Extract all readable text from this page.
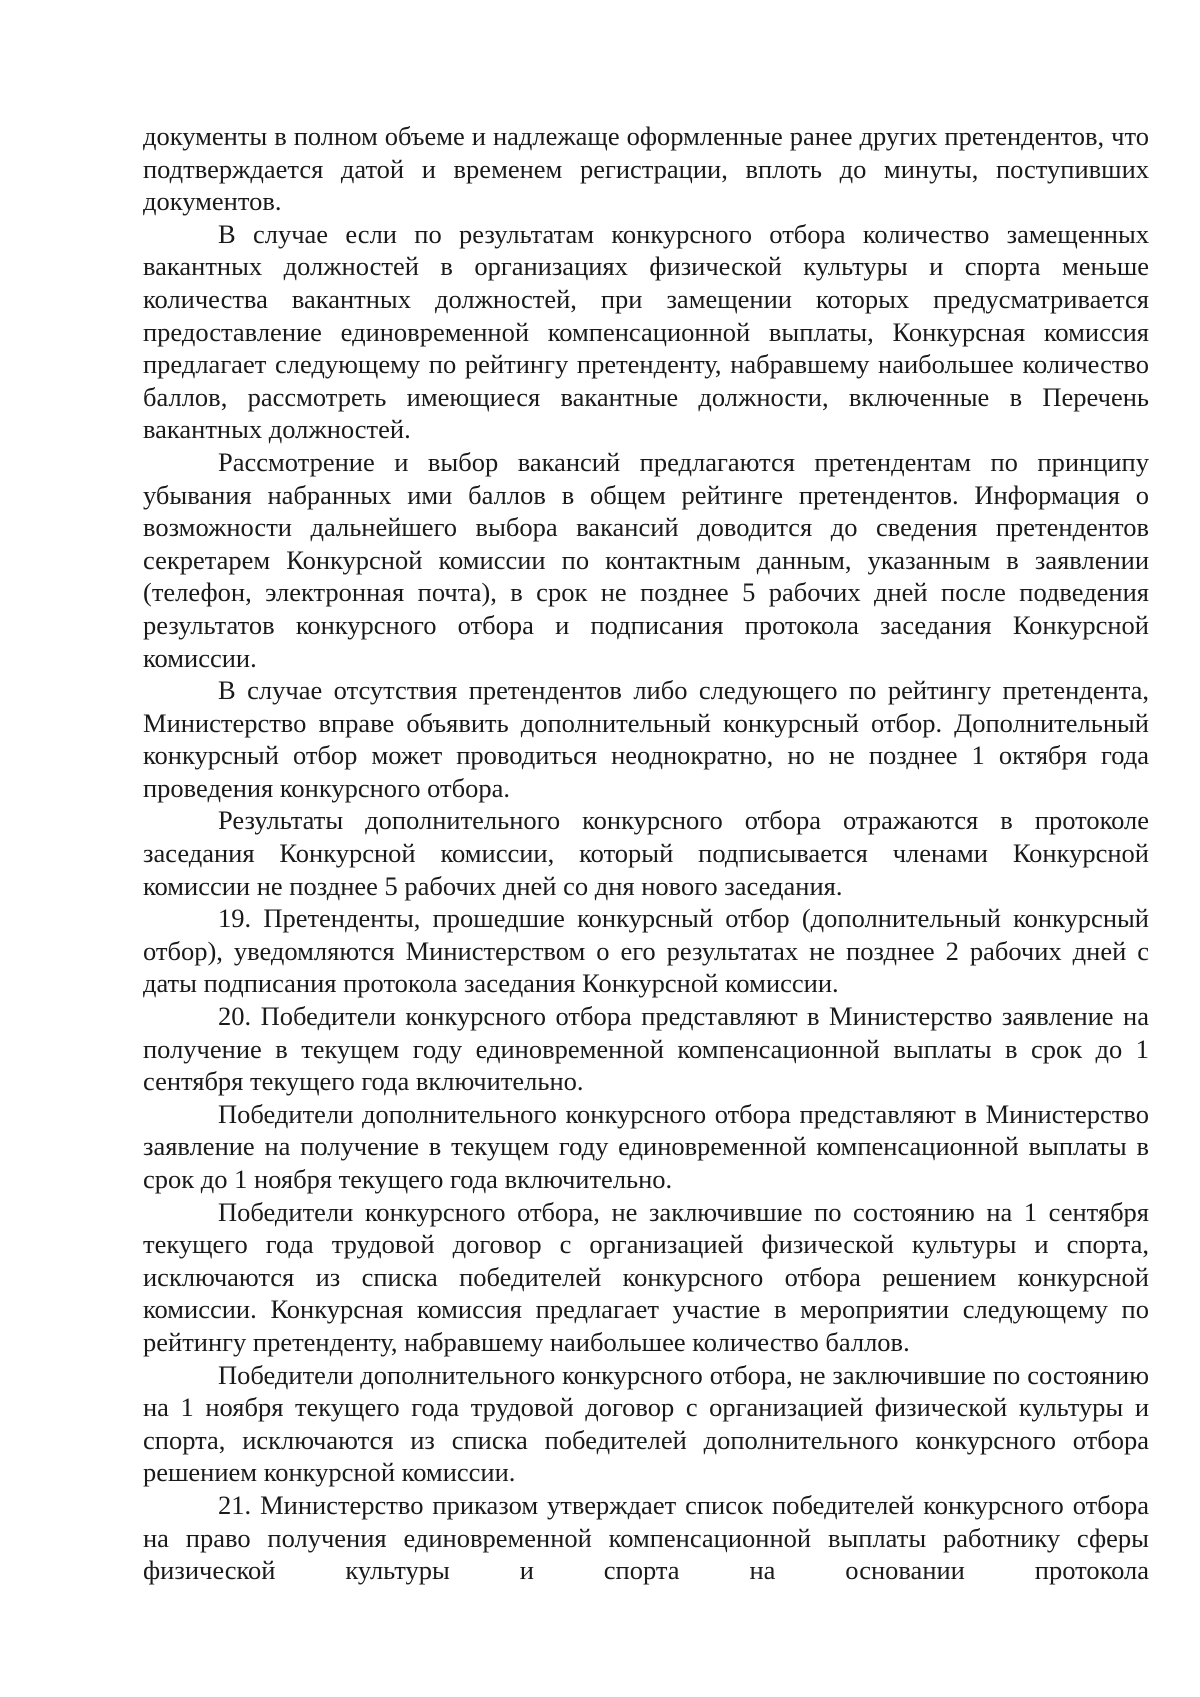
документы в полном объеме и надлежаще оформленные ранее других претендентов, что подтверждается датой и временем регистрации, вплоть до минуты, поступивших документов.

В случае если по результатам конкурсного отбора количество замещенных вакантных должностей в организациях физической культуры и спорта меньше количества вакантных должностей, при замещении которых предусматривается предоставление единовременной компенсационной выплаты, Конкурсная комиссия предлагает следующему по рейтингу претенденту, набравшему наибольшее количество баллов, рассмотреть имеющиеся вакантные должности, включенные в Перечень вакантных должностей.

Рассмотрение и выбор вакансий предлагаются претендентам по принципу убывания набранных ими баллов в общем рейтинге претендентов. Информация о возможности дальнейшего выбора вакансий доводится до сведения претендентов секретарем Конкурсной комиссии по контактным данным, указанным в заявлении (телефон, электронная почта), в срок не позднее 5 рабочих дней после подведения результатов конкурсного отбора и подписания протокола заседания Конкурсной комиссии.

В случае отсутствия претендентов либо следующего по рейтингу претендента, Министерство вправе объявить дополнительный конкурсный отбор. Дополнительный конкурсный отбор может проводиться неоднократно, но не позднее 1 октября года проведения конкурсного отбора.

Результаты дополнительного конкурсного отбора отражаются в протоколе заседания Конкурсной комиссии, который подписывается членами Конкурсной комиссии не позднее 5 рабочих дней со дня нового заседания.

19. Претенденты, прошедшие конкурсный отбор (дополнительный конкурсный отбор), уведомляются Министерством о его результатах не позднее 2 рабочих дней с даты подписания протокола заседания Конкурсной комиссии.

20. Победители конкурсного отбора представляют в Министерство заявление на получение в текущем году единовременной компенсационной выплаты в срок до 1 сентября текущего года включительно.

Победители дополнительного конкурсного отбора представляют в Министерство заявление на получение в текущем году единовременной компенсационной выплаты в срок до 1 ноября текущего года включительно.

Победители конкурсного отбора, не заключившие по состоянию на 1 сентября текущего года трудовой договор с организацией физической культуры и спорта, исключаются из списка победителей конкурсного отбора решением конкурсной комиссии. Конкурсная комиссия предлагает участие в мероприятии следующему по рейтингу претенденту, набравшему наибольшее количество баллов.

Победители дополнительного конкурсного отбора, не заключившие по состоянию на 1 ноября текущего года трудовой договор с организацией физической культуры и спорта, исключаются из списка победителей дополнительного конкурсного отбора решением конкурсной комиссии.

21. Министерство приказом утверждает список победителей конкурсного отбора на право получения единовременной компенсационной выплаты работнику сферы физической культуры и спорта на основании протокола
